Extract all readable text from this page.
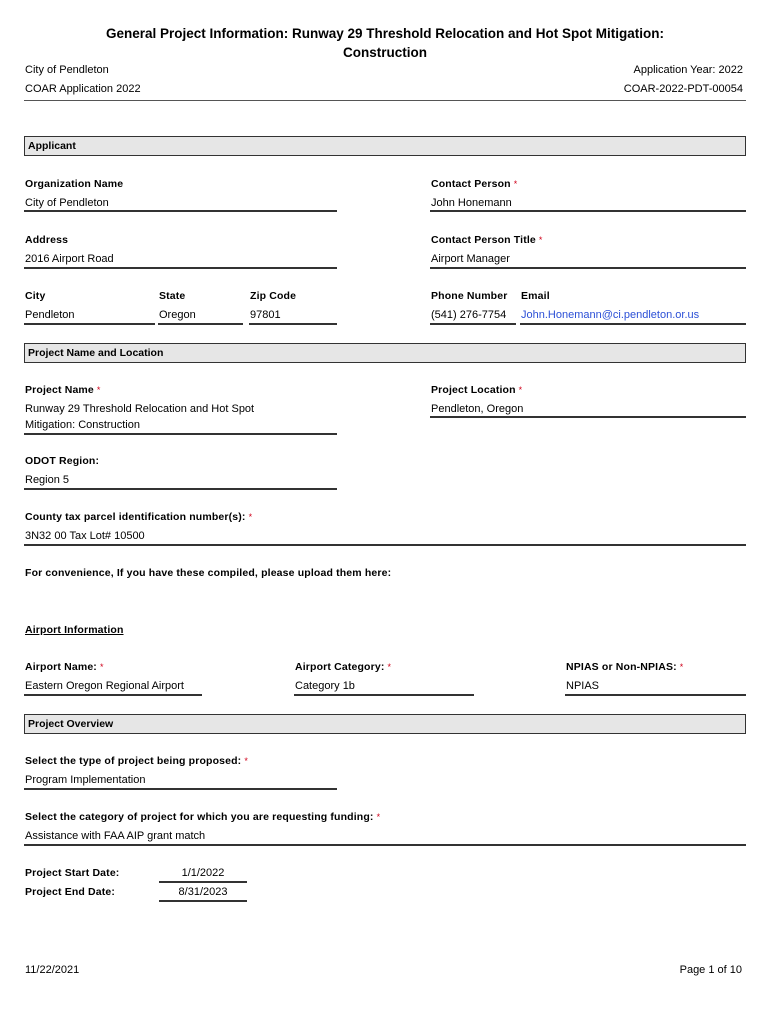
General Project Information: Runway 29 Threshold Relocation and Hot Spot Mitigation:
Construction
City of Pendleton	Application Year: 2022
COAR Application 2022	COAR-2022-PDT-00054
Applicant
Organization Name
City of Pendleton
Contact Person *
John Honemann
Address
2016 Airport Road
Contact Person Title *
Airport Manager
City
Pendleton
State
Oregon
Zip Code
97801
Phone Number
(541) 276-7754
Email
John.Honemann@ci.pendleton.or.us
Project Name and Location
Project Name *
Runway 29 Threshold Relocation and Hot Spot
Mitigation: Construction
Project Location *
Pendleton, Oregon
ODOT Region:
Region 5
County tax parcel identification number(s): *
3N32 00 Tax Lot# 10500
For convenience, If you have these compiled, please upload them here:
Airport Information
Airport Name: *
Eastern Oregon Regional Airport
Airport Category: *
Category 1b
NPIAS or Non-NPIAS: *
NPIAS
Project Overview
Select the type of project being proposed: *
Program Implementation
Select the category of project for which you are requesting funding: *
Assistance with FAA AIP grant match
Project Start Date:	1/1/2022
Project End Date:	8/31/2023
11/22/2021	Page 1 of 10
